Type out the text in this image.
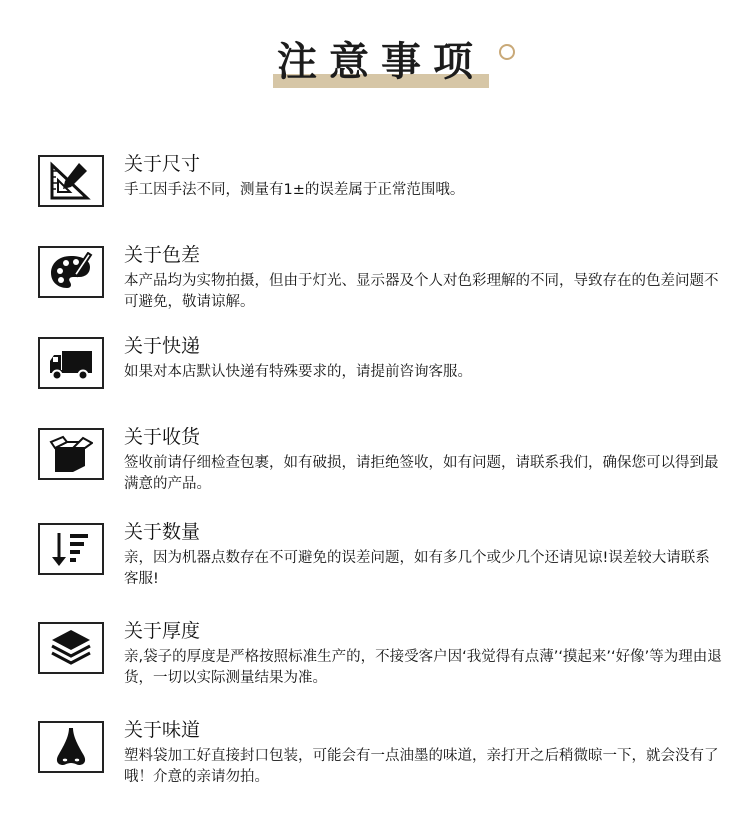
注意事项
关于尺寸
手工因手法不同，测量有1±的误差属于正常范围哦。
关于色差
本产品均为实物拍摄，但由于灯光、显示器及个人对色彩理解的不同，导致存在的色差问题不可避免，敬请谅解。
关于快递
如果对本店默认快递有特殊要求的，请提前咨询客服。
关于收货
签收前请仔细检查包裹，如有破损，请拒绝签收，如有问题，请联系我们，确保您可以得到最满意的产品。
关于数量
亲，因为机器点数存在不可避免的误差问题，如有多几个或少几个还请见谅!误差较大请联系客服!
关于厚度
亲,袋子的厚度是严格按照标准生产的，不接受客户因‘我觉得有点薄’‘摸起来’‘好像’等为理由退货，一切以实际测量结果为准。
关于味道
塑料袋加工好直接封口包装，可能会有一点油墨的味道，亲打开之后稍微晾一下，就会没有了哦！介意的亲请勿拍。
